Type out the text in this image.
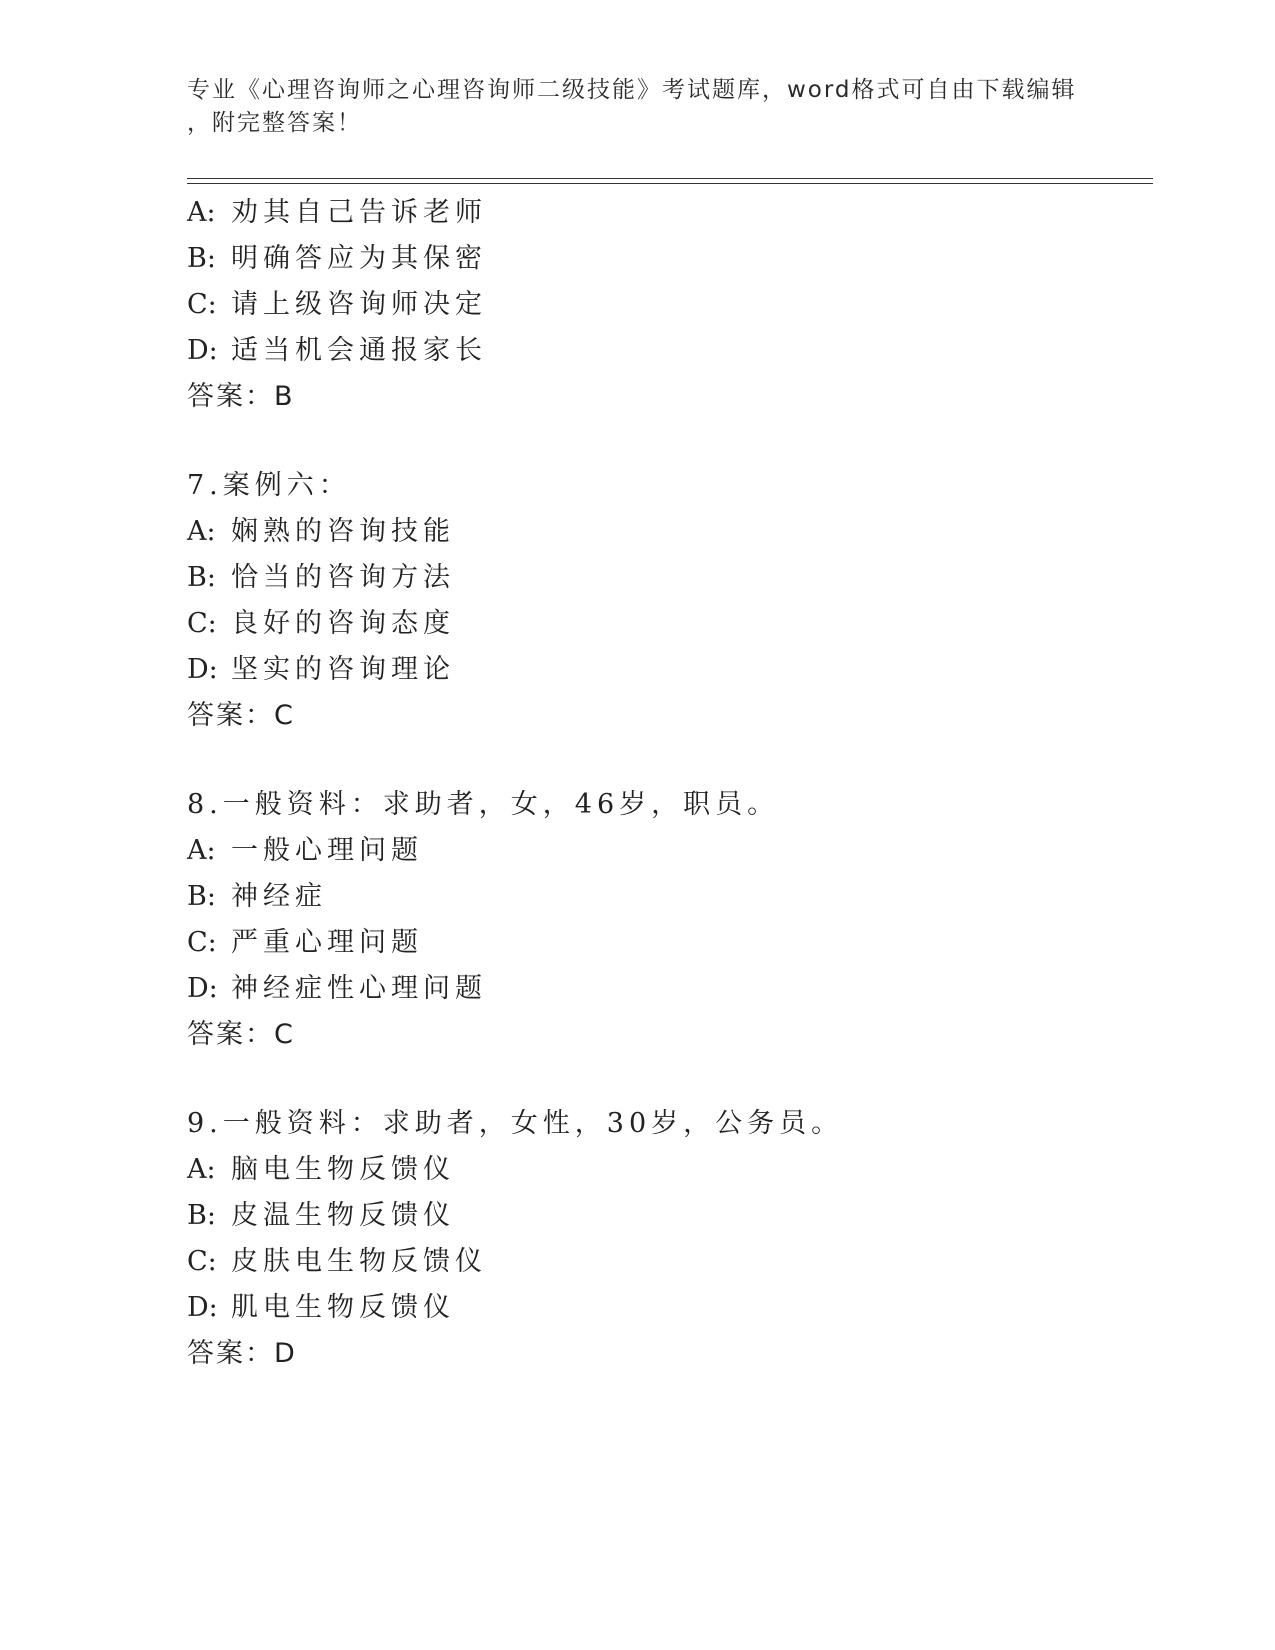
专业《心理咨询师之心理咨询师二级技能》考试题库，word格式可自由下载编辑
，附完整答案！
A: 劝其自己告诉老师
B: 明确答应为其保密
C: 请上级咨询师决定
D: 适当机会通报家长
答案：B
7.案例六：
A: 娴熟的咨询技能
B: 恰当的咨询方法
C: 良好的咨询态度
D: 坚实的咨询理论
答案：C
8.一般资料：求助者，女，46岁，职员。
A: 一般心理问题
B: 神经症
C: 严重心理问题
D: 神经症性心理问题
答案：C
9.一般资料：求助者，女性，30岁，公务员。
A: 脑电生物反馈仪
B: 皮温生物反馈仪
C: 皮肤电生物反馈仪
D: 肌电生物反馈仪
答案：D
